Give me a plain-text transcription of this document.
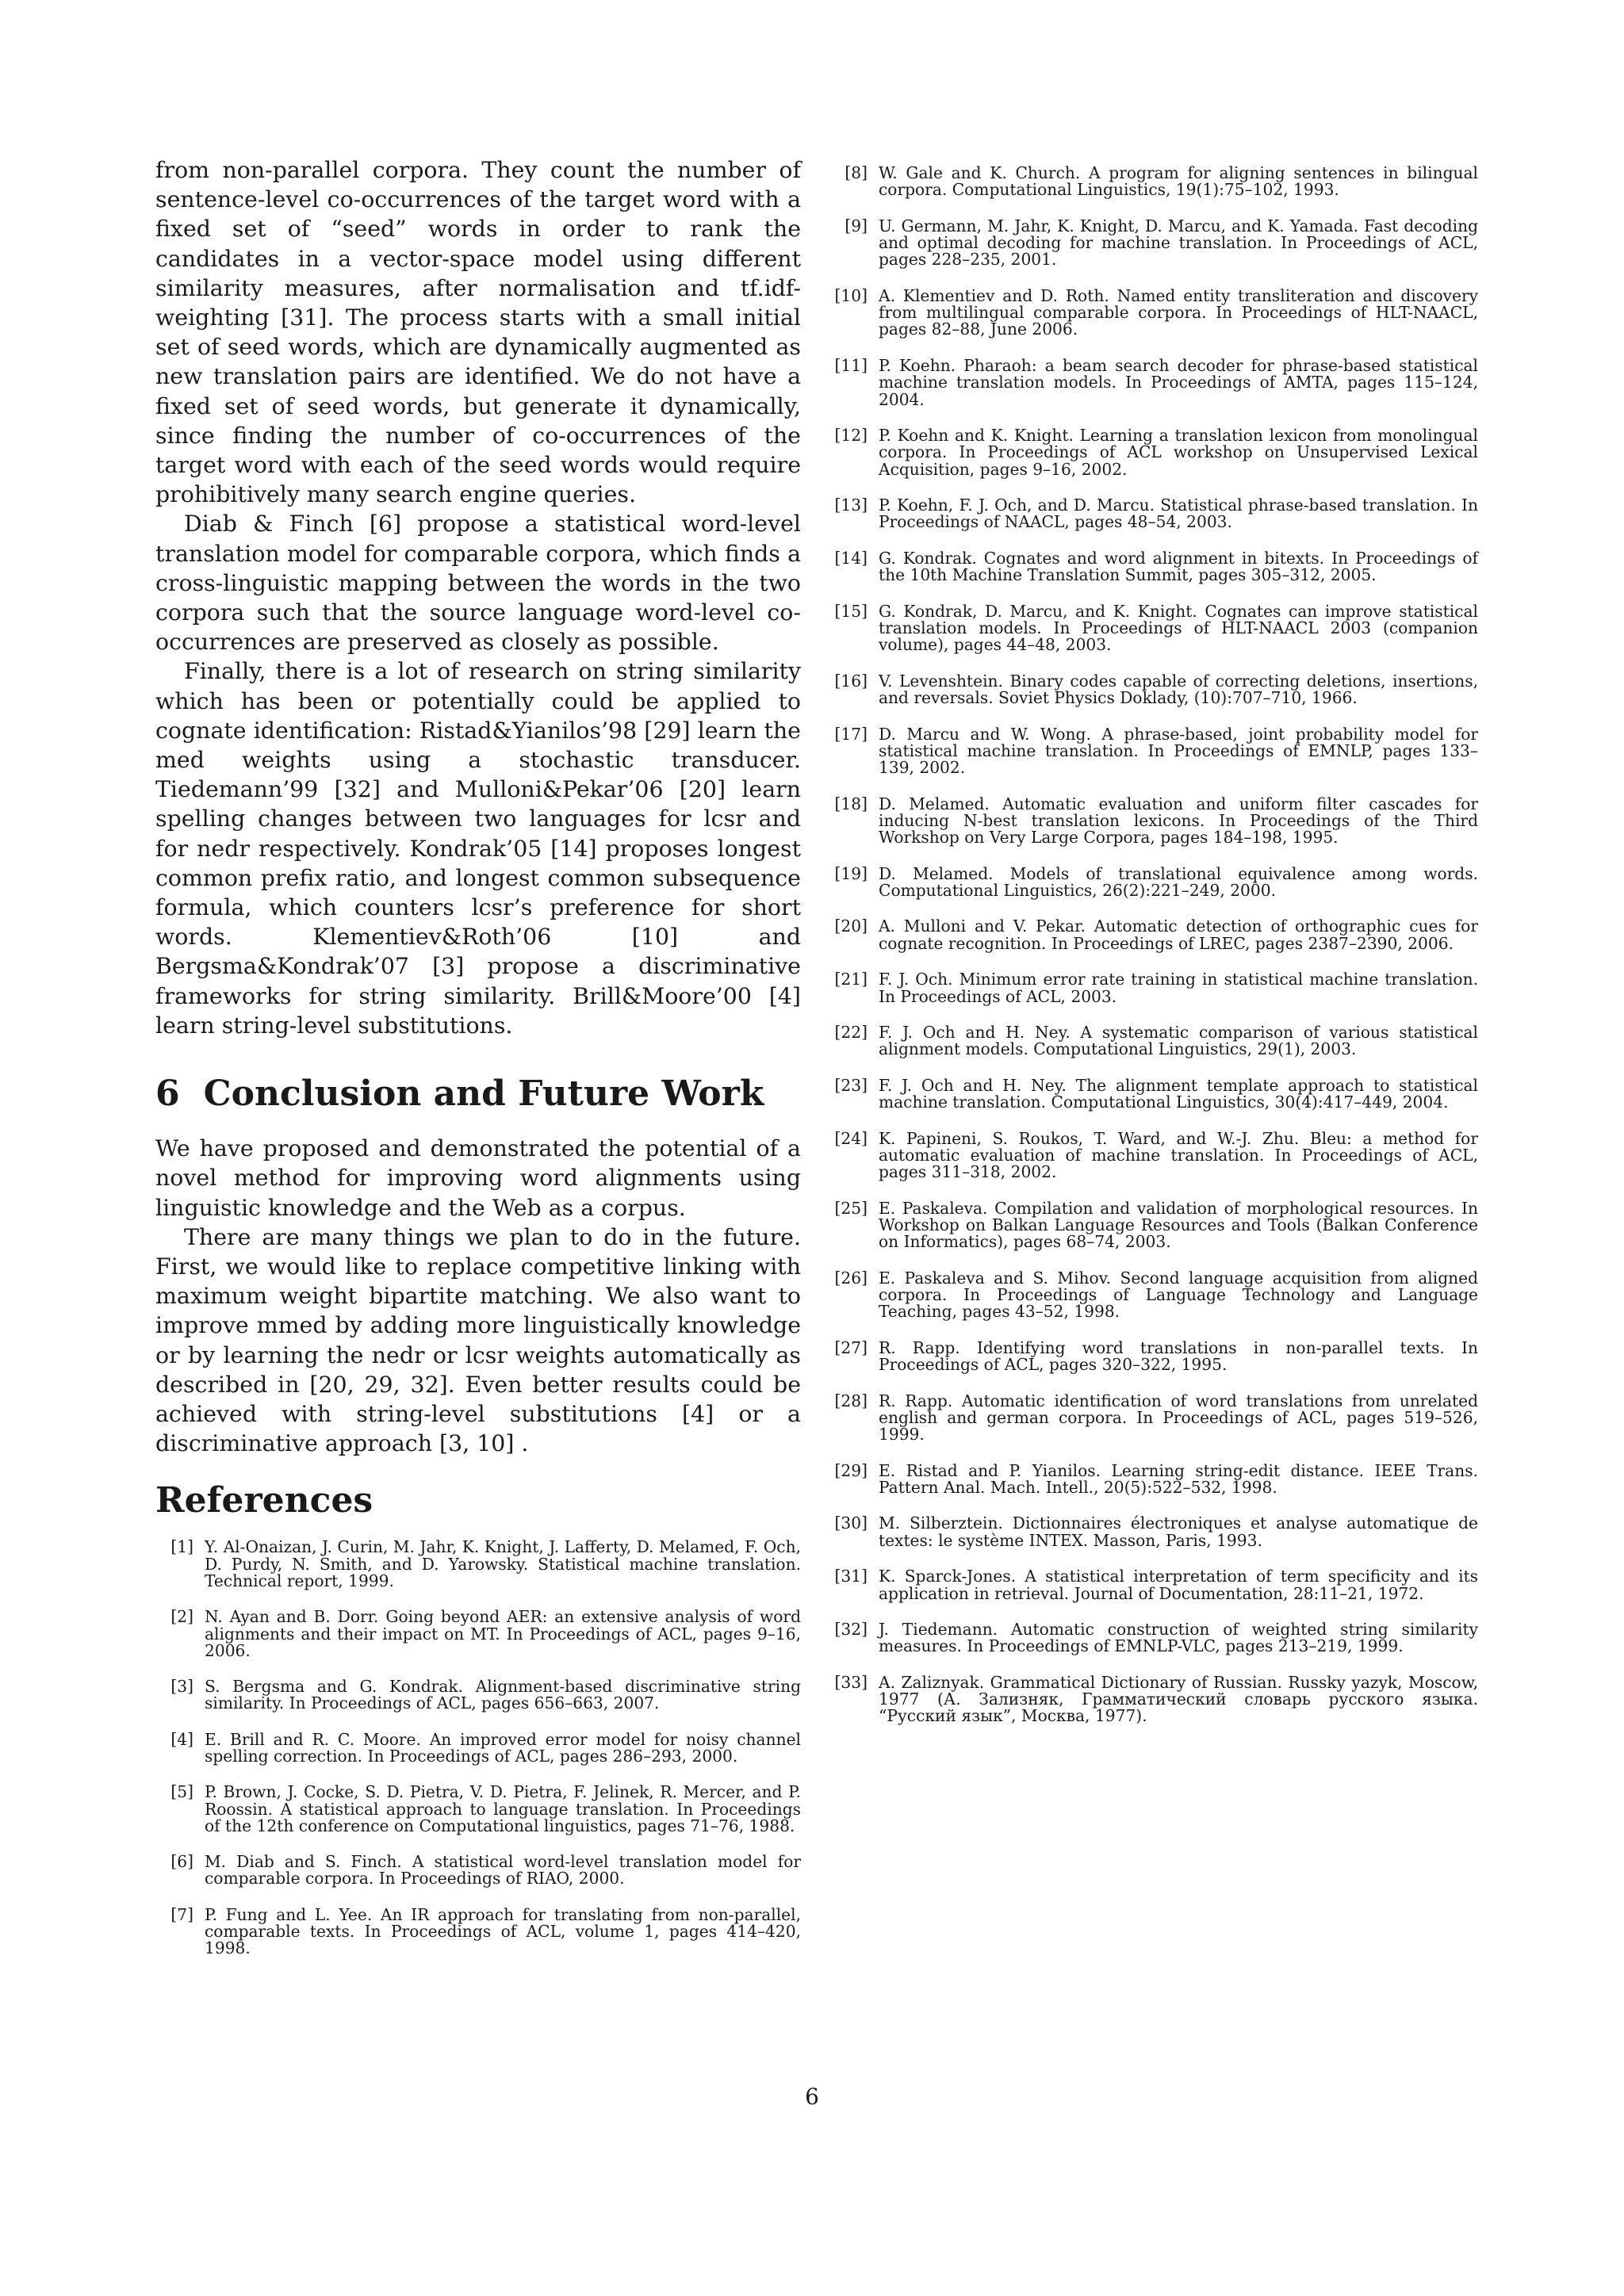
from non-parallel corpora. They count the number of sentence-level co-occurrences of the target word with a fixed set of “seed” words in order to rank the candidates in a vector-space model using different similarity measures, after normalisation and tf.idf-weighting [31]. The process starts with a small initial set of seed words, which are dynamically augmented as new translation pairs are identified. We do not have a fixed set of seed words, but generate it dynamically, since finding the number of co-occurrences of the target word with each of the seed words would require prohibitively many search engine queries.

Diab & Finch [6] propose a statistical word-level translation model for comparable corpora, which finds a cross-linguistic mapping between the words in the two corpora such that the source language word-level co-occurrences are preserved as closely as possible.

Finally, there is a lot of research on string similarity which has been or potentially could be applied to cognate identification: Ristad&Yianilos’98 [29] learn the med weights using a stochastic transducer. Tiedemann’99 [32] and Mulloni&Pekar’06 [20] learn spelling changes between two languages for lcsr and for nedr respectively. Kondrak’05 [14] proposes longest common prefix ratio, and longest common subsequence formula, which counters lcsr’s preference for short words. Klementiev&Roth’06 [10] and Bergsma&Kondrak’07 [3] propose a discriminative frameworks for string similarity. Brill&Moore’00 [4] learn string-level substitutions.

6 Conclusion and Future Work

We have proposed and demonstrated the potential of a novel method for improving word alignments using linguistic knowledge and the Web as a corpus.

There are many things we plan to do in the future. First, we would like to replace competitive linking with maximum weight bipartite matching. We also want to improve mmed by adding more linguistically knowledge or by learning the nedr or lcsr weights automatically as described in [20, 29, 32]. Even better results could be achieved with string-level substitutions [4] or a discriminative approach [3, 10] .

References
[1] Y. Al-Onaizan, J. Curin, M. Jahr, K. Knight, J. Lafferty, D. Melamed, F. Och, D. Purdy, N. Smith, and D. Yarowsky. Statistical machine translation. Technical report, 1999.
[2] N. Ayan and B. Dorr. Going beyond AER: an extensive analysis of word alignments and their impact on MT. In Proceedings of ACL, pages 9–16, 2006.
[3] S. Bergsma and G. Kondrak. Alignment-based discriminative string similarity. In Proceedings of ACL, pages 656–663, 2007.
[4] E. Brill and R. C. Moore. An improved error model for noisy channel spelling correction. In Proceedings of ACL, pages 286–293, 2000.
[5] P. Brown, J. Cocke, S. D. Pietra, V. D. Pietra, F. Jelinek, R. Mercer, and P. Roossin. A statistical approach to language translation. In Proceedings of the 12th conference on Computational linguistics, pages 71–76, 1988.
[6] M. Diab and S. Finch. A statistical word-level translation model for comparable corpora. In Proceedings of RIAO, 2000.
[7] P. Fung and L. Yee. An IR approach for translating from non-parallel, comparable texts. In Proceedings of ACL, volume 1, pages 414–420, 1998.
[8] W. Gale and K. Church. A program for aligning sentences in bilingual corpora. Computational Linguistics, 19(1):75–102, 1993.
[9] U. Germann, M. Jahr, K. Knight, D. Marcu, and K. Yamada. Fast decoding and optimal decoding for machine translation. In Proceedings of ACL, pages 228–235, 2001.
[10] A. Klementiev and D. Roth. Named entity transliteration and discovery from multilingual comparable corpora. In Proceedings of HLT-NAACL, pages 82–88, June 2006.
[11] P. Koehn. Pharaoh: a beam search decoder for phrase-based statistical machine translation models. In Proceedings of AMTA, pages 115–124, 2004.
[12] P. Koehn and K. Knight. Learning a translation lexicon from monolingual corpora. In Proceedings of ACL workshop on Unsupervised Lexical Acquisition, pages 9–16, 2002.
[13] P. Koehn, F. J. Och, and D. Marcu. Statistical phrase-based translation. In Proceedings of NAACL, pages 48–54, 2003.
[14] G. Kondrak. Cognates and word alignment in bitexts. In Proceedings of the 10th Machine Translation Summit, pages 305–312, 2005.
[15] G. Kondrak, D. Marcu, and K. Knight. Cognates can improve statistical translation models. In Proceedings of HLT-NAACL 2003 (companion volume), pages 44–48, 2003.
[16] V. Levenshtein. Binary codes capable of correcting deletions, insertions, and reversals. Soviet Physics Doklady, (10):707–710, 1966.
[17] D. Marcu and W. Wong. A phrase-based, joint probability model for statistical machine translation. In Proceedings of EMNLP, pages 133–139, 2002.
[18] D. Melamed. Automatic evaluation and uniform filter cascades for inducing N-best translation lexicons. In Proceedings of the Third Workshop on Very Large Corpora, pages 184–198, 1995.
[19] D. Melamed. Models of translational equivalence among words. Computational Linguistics, 26(2):221–249, 2000.
[20] A. Mulloni and V. Pekar. Automatic detection of orthographic cues for cognate recognition. In Proceedings of LREC, pages 2387–2390, 2006.
[21] F. J. Och. Minimum error rate training in statistical machine translation. In Proceedings of ACL, 2003.
[22] F. J. Och and H. Ney. A systematic comparison of various statistical alignment models. Computational Linguistics, 29(1), 2003.
[23] F. J. Och and H. Ney. The alignment template approach to statistical machine translation. Computational Linguistics, 30(4):417–449, 2004.
[24] K. Papineni, S. Roukos, T. Ward, and W.-J. Zhu. Bleu: a method for automatic evaluation of machine translation. In Proceedings of ACL, pages 311–318, 2002.
[25] E. Paskaleva. Compilation and validation of morphological resources. In Workshop on Balkan Language Resources and Tools (Balkan Conference on Informatics), pages 68–74, 2003.
[26] E. Paskaleva and S. Mihov. Second language acquisition from aligned corpora. In Proceedings of Language Technology and Language Teaching, pages 43–52, 1998.
[27] R. Rapp. Identifying word translations in non-parallel texts. In Proceedings of ACL, pages 320–322, 1995.
[28] R. Rapp. Automatic identification of word translations from unrelated english and german corpora. In Proceedings of ACL, pages 519–526, 1999.
[29] E. Ristad and P. Yianilos. Learning string-edit distance. IEEE Trans. Pattern Anal. Mach. Intell., 20(5):522–532, 1998.
[30] M. Silberztein. Dictionnaires électroniques et analyse automatique de textes: le système INTEX. Masson, Paris, 1993.
[31] K. Sparck-Jones. A statistical interpretation of term specificity and its application in retrieval. Journal of Documentation, 28:11–21, 1972.
[32] J. Tiedemann. Automatic construction of weighted string similarity measures. In Proceedings of EMNLP-VLC, pages 213–219, 1999.
[33] A. Zaliznyak. Grammatical Dictionary of Russian. Russky yazyk, Moscow, 1977 (А. Зализняк, Грамматический словарь русского языка. “Русский язык”, Москва, 1977).
6
